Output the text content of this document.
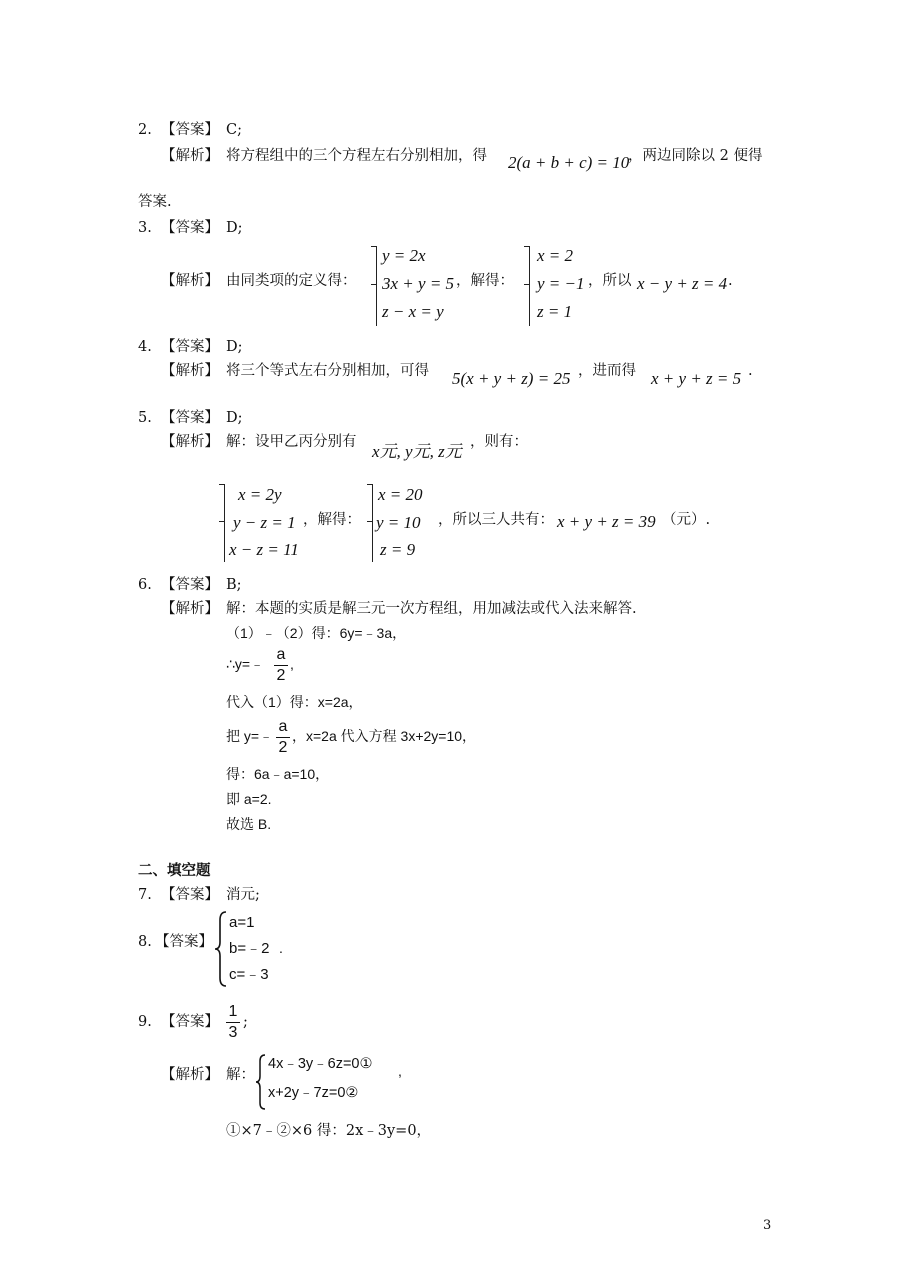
2. 【答案】 C;
【解析】 将方程组中的三个方程左右分别相加，得 2(a + b + c) = 10
，两边同除以 2 便得
答案.
3. 【答案】 D;
【解析】 由同类项的定义得：
y = 2x
3x + y = 5
z − x = y
，解得：
x = 2
y = −1
z = 1
，所以 x − y + z = 4 .
4. 【答案】 D;
【解析】 将三个等式左右分别相加，可得 5(x + y + z) = 25 ，进而得 x + y + z = 5 .
5. 【答案】 D;
【解析】 解：设甲乙丙分别有 x元, y元, z元 ，则有：
x = 2y
y − z = 1
x − z = 11
，解得：
x = 20
y = 10
z = 9
，所以三人共有： x + y + z = 39 （元）.
6. 【答案】 B;
【解析】 解：本题的实质是解三元一次方程组，用加减法或代入法来解答.
（1）﹣（2）得：6y=﹣3a，
∴y=﹣
a
2
,
代入（1）得：x=2a，
把 y=﹣
a
2
，x=2a 代入方程 3x+2y=10，
得：6a﹣a=10，
即 a=2.
故选 B.
二、填空题
7. 【答案】 消元;
8. 【答案】
a=1
b=﹣2
c=﹣3
.
9. 【答案】
1
3
;
【解析】 解：
4x﹣3y﹣6z=0①
x+2y﹣7z=0②
,
①×7﹣②×6 得：2x﹣3y=0，
3
